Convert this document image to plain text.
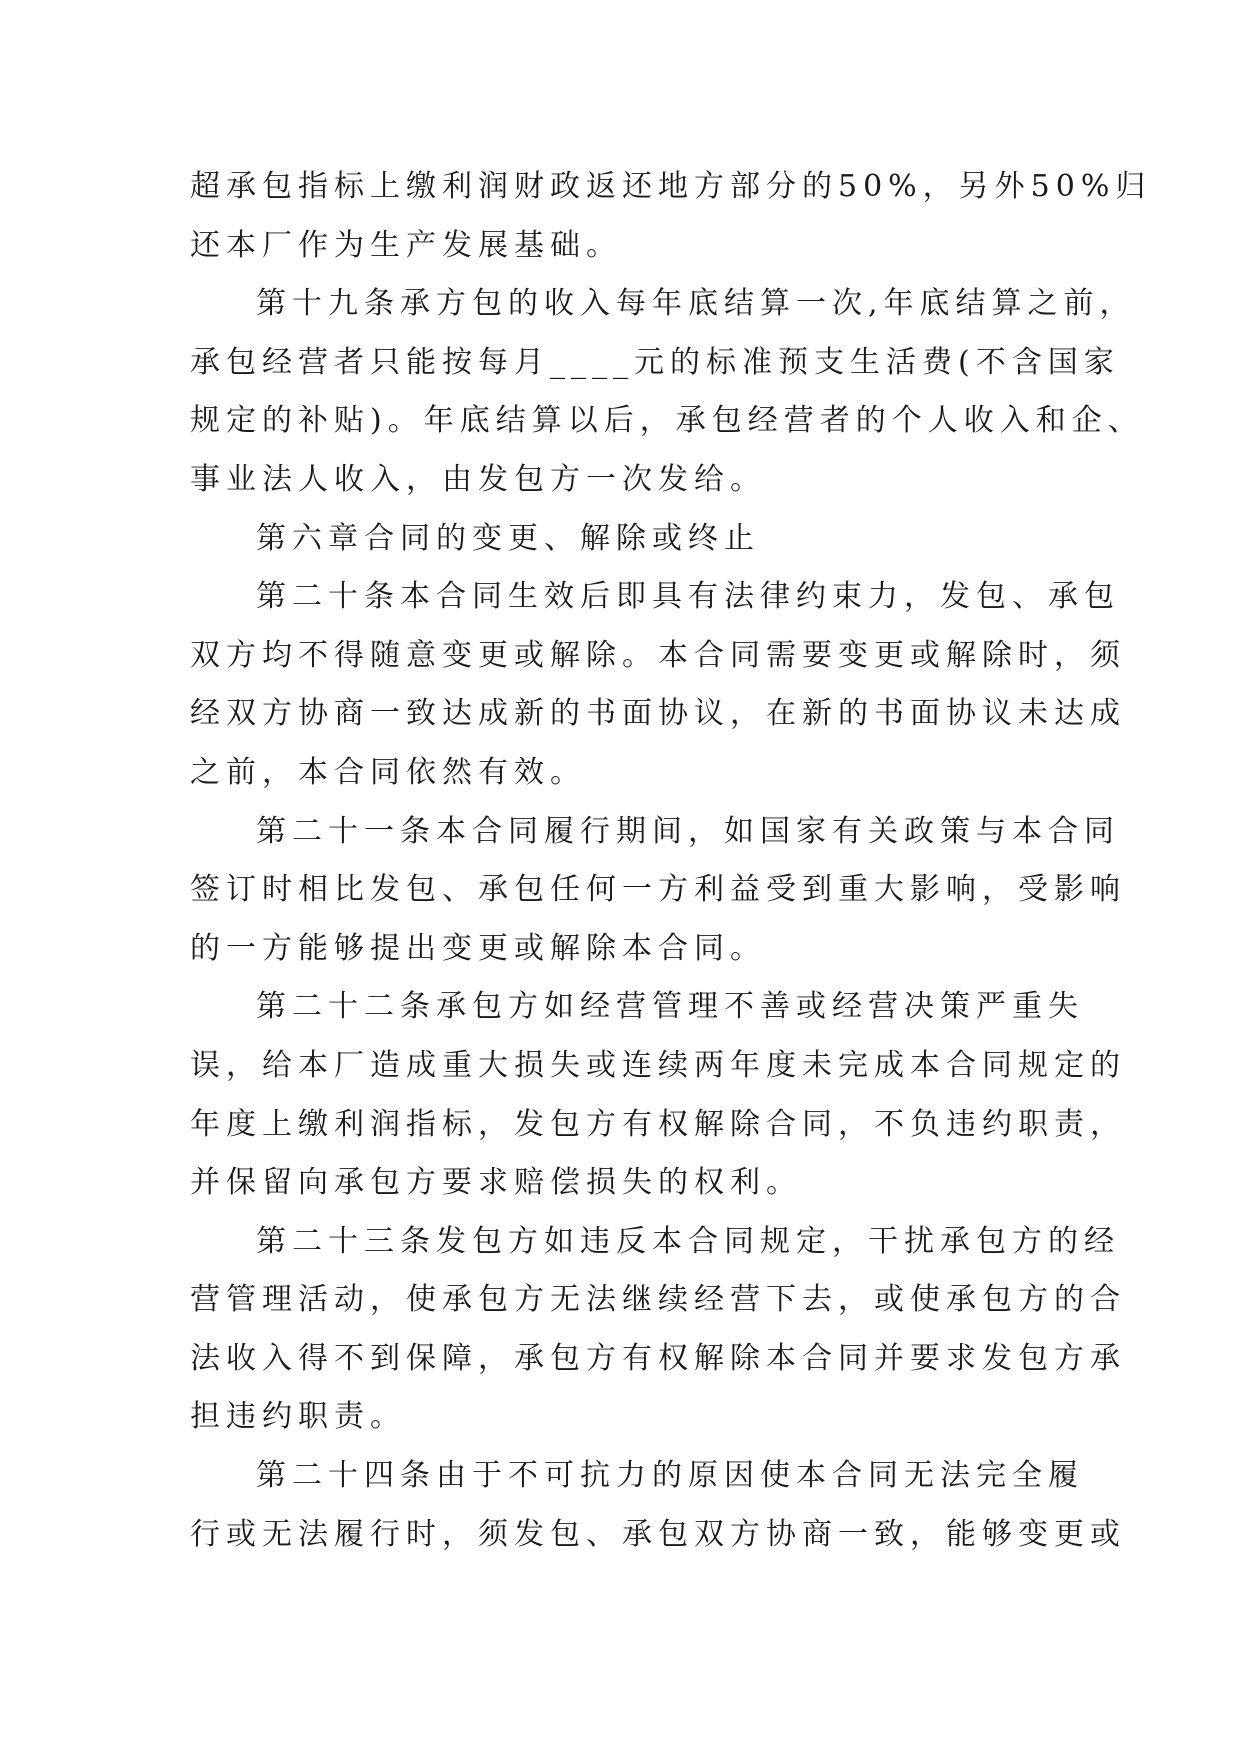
超承包指标上缴利润财政返还地方部分的50%，另外50%归
还本厂作为生产发展基础。
第十九条承方包的收入每年底结算一次,年底结算之前，
承包经营者只能按每月____元的标准预支生活费(不含国家
规定的补贴)。年底结算以后，承包经营者的个人收入和企、
事业法人收入，由发包方一次发给。
第六章合同的变更、解除或终止
第二十条本合同生效后即具有法律约束力，发包、承包
双方均不得随意变更或解除。本合同需要变更或解除时，须
经双方协商一致达成新的书面协议，在新的书面协议未达成
之前，本合同依然有效。
第二十一条本合同履行期间，如国家有关政策与本合同
签订时相比发包、承包任何一方利益受到重大影响，受影响
的一方能够提出变更或解除本合同。
第二十二条承包方如经营管理不善或经营决策严重失
误，给本厂造成重大损失或连续两年度未完成本合同规定的
年度上缴利润指标，发包方有权解除合同，不负违约职责，
并保留向承包方要求赔偿损失的权利。
第二十三条发包方如违反本合同规定，干扰承包方的经
营管理活动，使承包方无法继续经营下去，或使承包方的合
法收入得不到保障，承包方有权解除本合同并要求发包方承
担违约职责。
第二十四条由于不可抗力的原因使本合同无法完全履
行或无法履行时，须发包、承包双方协商一致，能够变更或
